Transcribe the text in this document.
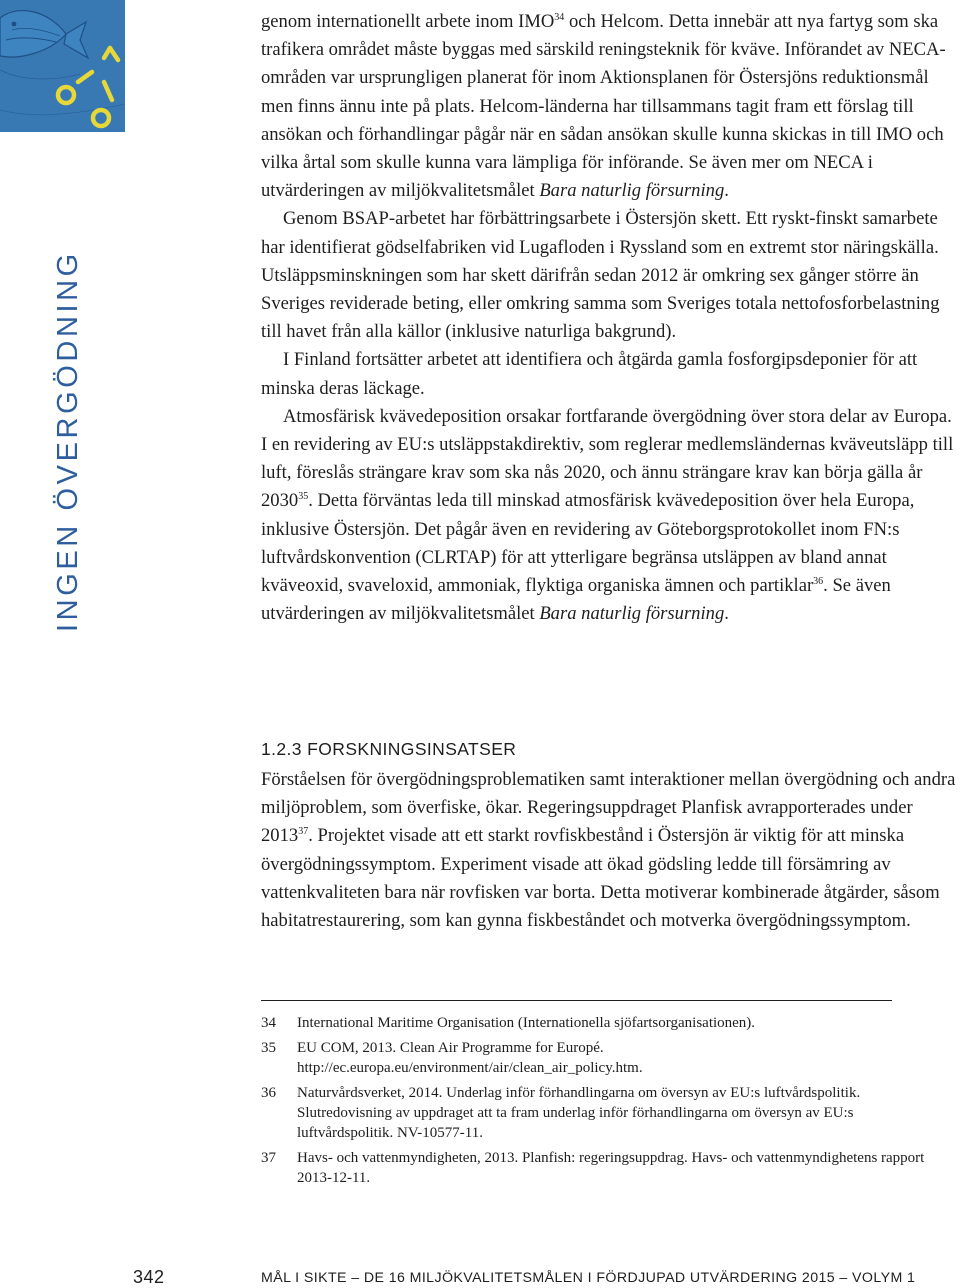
INGEN ÖVERGÖDNING

genom internationellt arbete inom IMO$^{34}$ och Helcom. Detta innebär att nya fartyg som ska trafikera området måste byggas med särskild reningsteknik för kväve. Införandet av NECA-områden var ursprungligen planerat för inom Aktionsplanen för Östersjöns reduktionsmål men finns ännu inte på plats. Helcom-länderna har tillsammans tagit fram ett förslag till ansökan och förhandlingar pågår när en sådan ansökan skulle kunna skickas in till IMO och vilka årtal som skulle kunna vara lämpliga för införande. Se även mer om NECA i utvärderingen av miljökvalitetsmålet Bara naturlig försurning.

Genom BSAP-arbetet har förbättringsarbete i Östersjön skett. Ett ryskt-finskt samarbete har identifierat gödselfabriken vid Lugafloden i Ryssland som en extremt stor näringskälla. Utsläppsminskningen som har skett därifrån sedan 2012 är omkring sex gånger större än Sveriges reviderade beting, eller omkring samma som Sveriges totala nettofosforbelastning till havet från alla källor (inklusive naturliga bakgrund).

I Finland fortsätter arbetet att identifiera och åtgärda gamla fosforgipsdeponier för att minska deras läckage.

Atmosfärisk kvävedeposition orsakar fortfarande övergödning över stora delar av Europa. I en revidering av EU:s utsläppstakdirektiv, som reglerar medlemsländernas kväveutsläpp till luft, föreslås strängare krav som ska nås 2020, och ännu strängare krav kan börja gälla år 2030$^{35}$. Detta förväntas leda till minskad atmosfärisk kvävedeposition över hela Europa, inklusive Östersjön. Det pågår även en revidering av Göteborgsprotokollet inom FN:s luftvårdskonvention (CLRTAP) för att ytterligare begränsa utsläppen av bland annat kväveoxid, svaveloxid, ammoniak, flyktiga organiska ämnen och partiklar$^{36}$. Se även utvärderingen av miljökvalitetsmålet Bara naturlig försurning.

1.2.3 FORSKNINGSINSATSER

Förståelsen för övergödningsproblematiken samt interaktioner mellan övergödning och andra miljöproblem, som överfiske, ökar. Regeringsuppdraget Planfisk avrapporterades under 2013$^{37}$. Projektet visade att ett starkt rovfiskbestånd i Östersjön är viktig för att minska övergödningssymptom. Experiment visade att ökad gödsling ledde till försämring av vattenkvaliteten bara när rovfisken var borta. Detta motiverar kombinerade åtgärder, såsom habitatrestaurering, som kan gynna fiskbeståndet och motverka övergödningssymptom.

34	International Maritime Organisation (Internationella sjöfartsorganisationen).
35	EU COM, 2013. Clean Air Programme for Europé. http://ec.europa.eu/environment/air/clean_air_policy.htm.
36	Naturvårdsverket, 2014. Underlag inför förhandlingarna om översyn av EU:s luftvårdspolitik. Slutredovisning av uppdraget att ta fram underlag inför förhandlingarna om översyn av EU:s luftvårdspolitik. NV-10577-11.
37	Havs- och vattenmyndigheten, 2013. Planfish: regeringsuppdrag. Havs- och vattenmyndighetens rapport 2013-12-11.
342	MÅL I SIKTE – DE 16 MILJÖKVALITETSMÅLEN I FÖRDJUPAD UTVÄRDERING 2015 – VOLYM 1
